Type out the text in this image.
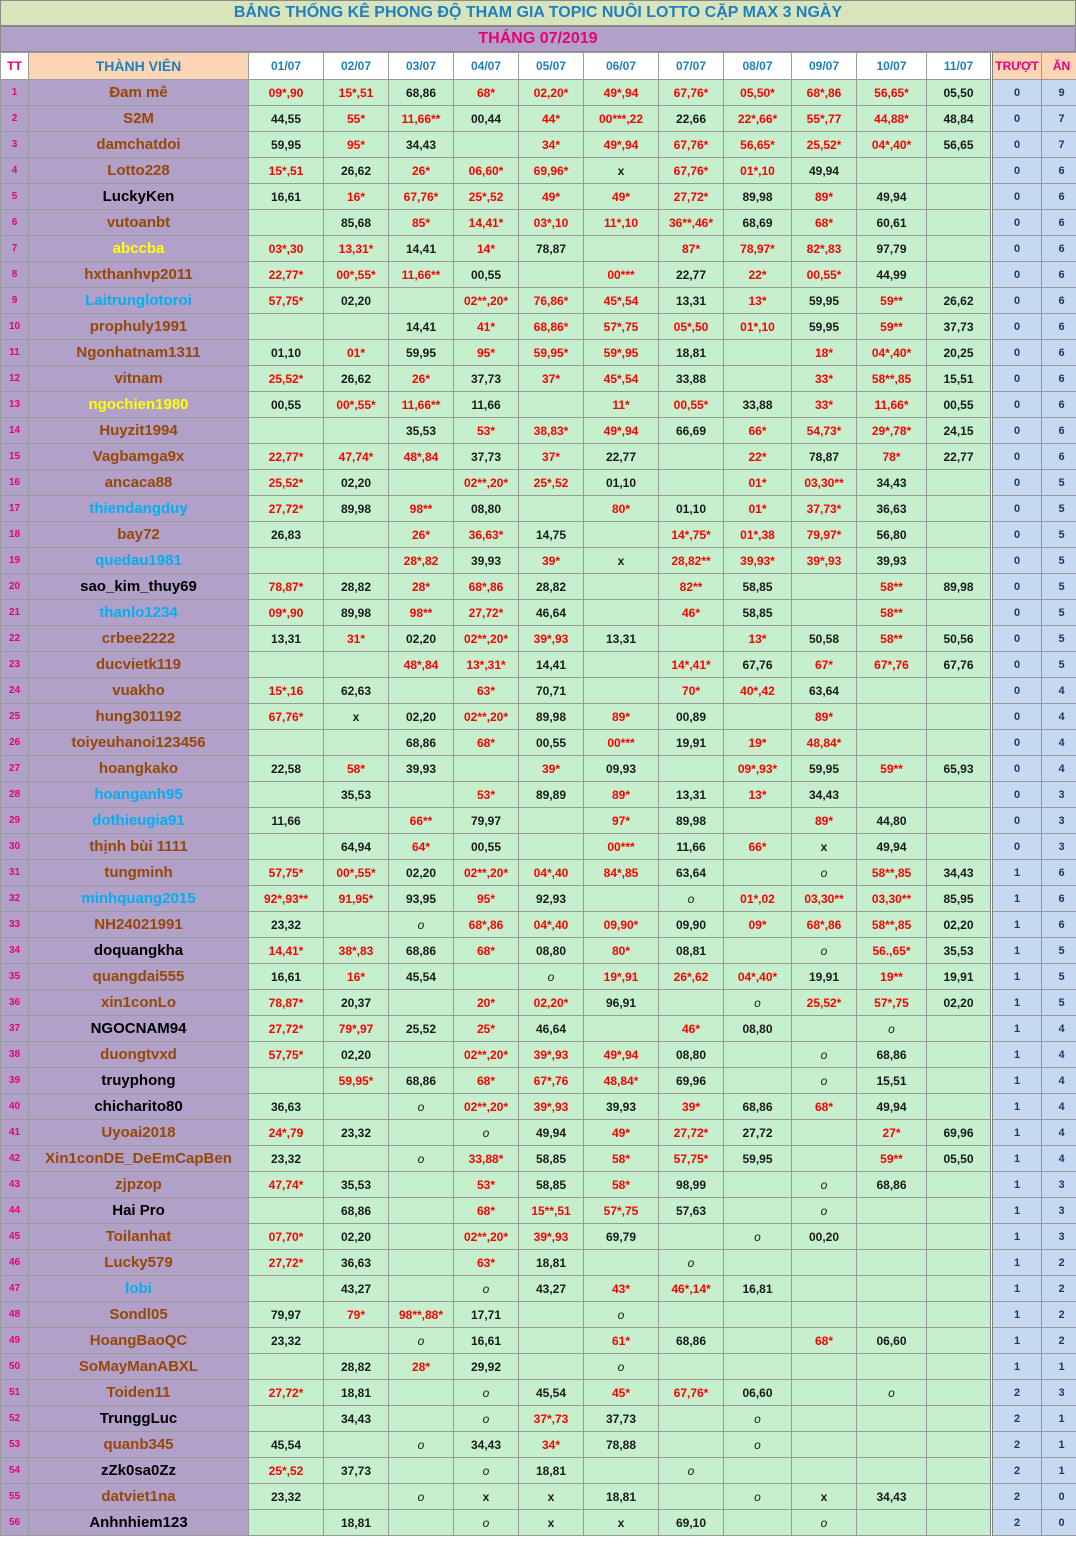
BẢNG THỐNG KÊ PHONG ĐỘ THAM GIA TOPIC NUÔI LOTTO CẶP MAX 3 NGÀY
THÁNG 07/2019
TT	THÀNH VIÊN	01/07	02/07	03/07	04/07	05/07	06/07	07/07	08/07	09/07	10/07	11/07	TRƯỢT	ĂN
1	Đam mê	09*,90	15*,51	68,86	68*	02,20*	49*,94	67,76*	05,50*	68*,86	56,65*	05,50	0	9
2	S2M	44,55	55*	11,66**	00,44	44*	00***,22	22,66	22*,66*	55*,77	44,88*	48,84	0	7
3	damchatdoi	59,95	95*	34,43		34*	49*,94	67,76*	56,65*	25,52*	04*,40*	56,65	0	7
4	Lotto228	15*,51	26,62	26*	06,60*	69,96*	x	67,76*	01*,10	49,94			0	6
5	LuckyKen	16,61	16*	67,76*	25*,52	49*	49*	27,72*	89,98	89*	49,94		0	6
6	vutoanbt		85,68	85*	14,41*	03*,10	11*,10	36**,46*	68,69	68*	60,61		0	6
7	abccba	03*,30	13,31*	14,41	14*	78,87		87*	78,97*	82*,83	97,79		0	6
8	hxthanhvp2011	22,77*	00*,55*	11,66**	00,55		00***	22,77	22*	00,55*	44,99		0	6
9	Laitrunglotoroi	57,75*	02,20		02**,20*	76,86*	45*,54	13,31	13*	59,95	59**	26,62	0	6
10	prophuly1991			14,41	41*	68,86*	57*,75	05*,50	01*,10	59,95	59**	37,73	0	6
11	Ngonhatnam1311	01,10	01*	59,95	95*	59,95*	59*,95	18,81		18*	04*,40*	20,25	0	6
12	vitnam	25,52*	26,62	26*	37,73	37*	45*,54	33,88		33*	58**,85	15,51	0	6
13	ngochien1980	00,55	00*,55*	11,66**	11,66		11*	00,55*	33,88	33*	11,66*	00,55	0	6
14	Huyzit1994			35,53	53*	38,83*	49*,94	66,69	66*	54,73*	29*,78*	24,15	0	6
15	Vagbamga9x	22,77*	47,74*	48*,84	37,73	37*	22,77		22*	78,87	78*	22,77	0	6
16	ancaca88	25,52*	02,20		02**,20*	25*,52	01,10		01*	03,30**	34,43		0	5
17	thiendangduy	27,72*	89,98	98**	08,80		80*	01,10	01*	37,73*	36,63		0	5
18	bay72	26,83		26*	36,63*	14,75		14*,75*	01*,38	79,97*	56,80		0	5
19	quedau1981			28*,82	39,93	39*	x	28,82**	39,93*	39*,93	39,93		0	5
20	sao_kim_thuy69	78,87*	28,82	28*	68*,86	28,82		82**	58,85		58**	89,98	0	5
21	thanlo1234	09*,90	89,98	98**	27,72*	46,64		46*	58,85		58**		0	5
22	crbee2222	13,31	31*	02,20	02**,20*	39*,93	13,31		13*	50,58	58**	50,56	0	5
23	ducvietk119			48*,84	13*,31*	14,41		14*,41*	67,76	67*	67*,76	67,76	0	5
24	vuakho	15*,16	62,63		63*	70,71		70*	40*,42	63,64			0	4
25	hung301192	67,76*	x	02,20	02**,20*	89,98	89*	00,89		89*			0	4
26	toiyeuhanoi123456			68,86	68*	00,55	00***	19,91	19*	48,84*			0	4
27	hoangkako	22,58	58*	39,93		39*	09,93		09*,93*	59,95	59**	65,93	0	4
28	hoanganh95		35,53		53*	89,89	89*	13,31	13*	34,43			0	3
29	dothieugia91	11,66		66**	79,97		97*	89,98		89*	44,80		0	3
30	thịnh bùi 1111		64,94	64*	00,55		00***	11,66	66*	x	49,94		0	3
31	tungminh	57,75*	00*,55*	02,20	02**,20*	04*,40	84*,85	63,64		o	58**,85	34,43	1	6
32	minhquang2015	92*,93**	91,95*	93,95	95*	92,93		o	01*,02	03,30**	03,30**	85,95	1	6
33	NH24021991	23,32		o	68*,86	04*,40	09,90*	09,90	09*	68*,86	58**,85	02,20	1	6
34	doquangkha	14,41*	38*,83	68,86	68*	08,80	80*	08,81		o	56.,65*	35,53	1	5
35	quangdai555	16,61	16*	45,54		o	19*,91	26*,62	04*,40*	19,91	19**	19,91	1	5
36	xin1conLo	78,87*	20,37		20*	02,20*	96,91		o	25,52*	57*,75	02,20	1	5
37	NGOCNAM94	27,72*	79*,97	25,52	25*	46,64		46*	08,80		o		1	4
38	duongtvxd	57,75*	02,20		02**,20*	39*,93	49*,94	08,80		o	68,86		1	4
39	truyphong		59,95*	68,86	68*	67*,76	48,84*	69,96		o	15,51		1	4
40	chicharito80	36,63		o	02**,20*	39*,93	39,93	39*	68,86	68*	49,94		1	4
41	Uyoai2018	24*,79	23,32		o	49,94	49*	27,72*	27,72		27*	69,96	1	4
42	Xin1conDE_DeEmCapBen	23,32		o	33,88*	58,85	58*	57,75*	59,95		59**	05,50	1	4
43	zjpzop	47,74*	35,53		53*	58,85	58*	98,99		o	68,86		1	3
44	Hai Pro		68,86		68*	15**,51	57*,75	57,63		o			1	3
45	Toilanhat	07,70*	02,20		02**,20*	39*,93	69,79		o	00,20			1	3
46	Lucky579	27,72*	36,63		63*	18,81		o					1	2
47	lobi		43,27		o	43,27	43*	46*,14*	16,81				1	2
48	Sondl05	79,97	79*	98**,88*	17,71		o						1	2
49	HoangBaoQC	23,32		o	16,61		61*	68,86		68*	06,60		1	2
50	SoMayManABXL		28,82	28*	29,92		o						1	1
51	Toiden11	27,72*	18,81		o	45,54	45*	67,76*	06,60		o		2	3
52	TrunggLuc		34,43		o	37*,73	37,73		o				2	1
53	quanb345	45,54		o	34,43	34*	78,88		o				2	1
54	zZk0sa0Zz	25*,52	37,73		o	18,81		o					2	1
55	datviet1na	23,32		o	x	x	18,81		o	x	34,43		2	0
56	Anhnhiem123		18,81		o	x	x	69,10		o			2	0
